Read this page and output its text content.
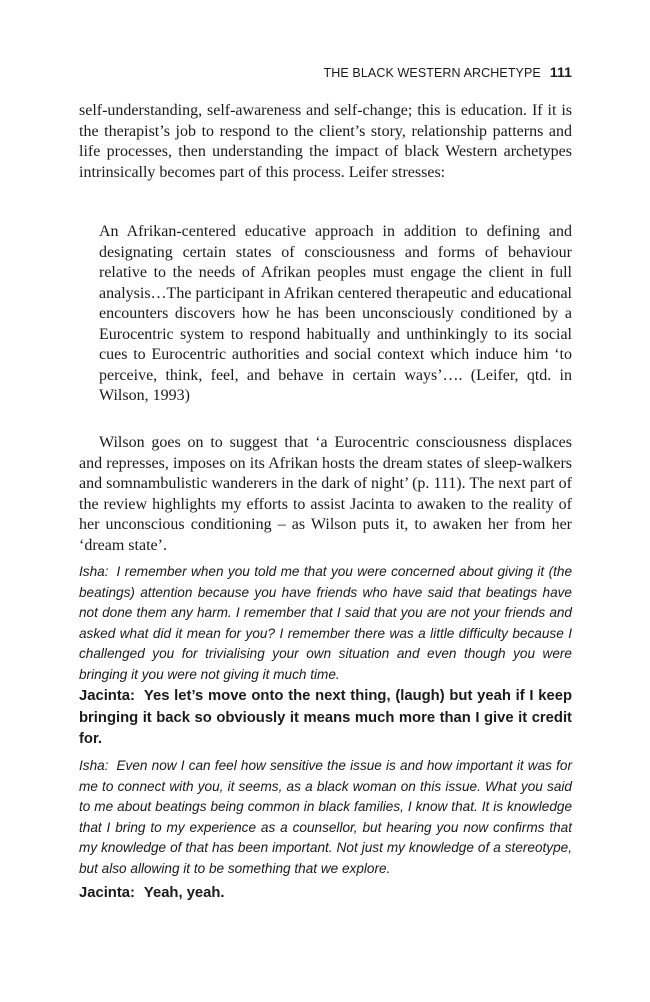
THE BLACK WESTERN ARCHETYPE 111

self-understanding, self-awareness and self-change; this is education. If it is the therapist’s job to respond to the client’s story, relationship patterns and life processes, then understanding the impact of black Western archetypes intrinsically becomes part of this process. Leifer stresses:

An Afrikan-centered educative approach in addition to defining and designating certain states of consciousness and forms of behaviour relative to the needs of Afrikan peoples must engage the client in full analysis…The participant in Afrikan centered therapeutic and educational encounters discovers how he has been unconsciously conditioned by a Eurocentric system to respond habitually and unthinkingly to its social cues to Eurocentric authorities and social context which induce him ‘to perceive, think, feel, and behave in certain ways’…. (Leifer, qtd. in Wilson, 1993)

Wilson goes on to suggest that ‘a Eurocentric consciousness displaces and represses, imposes on its Afrikan hosts the dream states of sleep-walkers and somnambulistic wanderers in the dark of night’ (p. 111). The next part of the review highlights my efforts to assist Jacinta to awaken to the reality of her unconscious conditioning – as Wilson puts it, to awaken her from her ‘dream state’.

Isha: I remember when you told me that you were concerned about giving it (the beatings) attention because you have friends who have said that beatings have not done them any harm. I remember that I said that you are not your friends and asked what did it mean for you? I remember there was a little difficulty because I challenged you for trivialising your own situation and even though you were bringing it you were not giving it much time.

Jacinta: Yes let’s move onto the next thing, (laugh) but yeah if I keep bringing it back so obviously it means much more than I give it credit for.

Isha: Even now I can feel how sensitive the issue is and how important it was for me to connect with you, it seems, as a black woman on this issue. What you said to me about beatings being common in black families, I know that. It is knowledge that I bring to my experience as a counsellor, but hearing you now confirms that my knowledge of that has been important. Not just my knowledge of a stereotype, but also allowing it to be something that we explore.

Jacinta: Yeah, yeah.
